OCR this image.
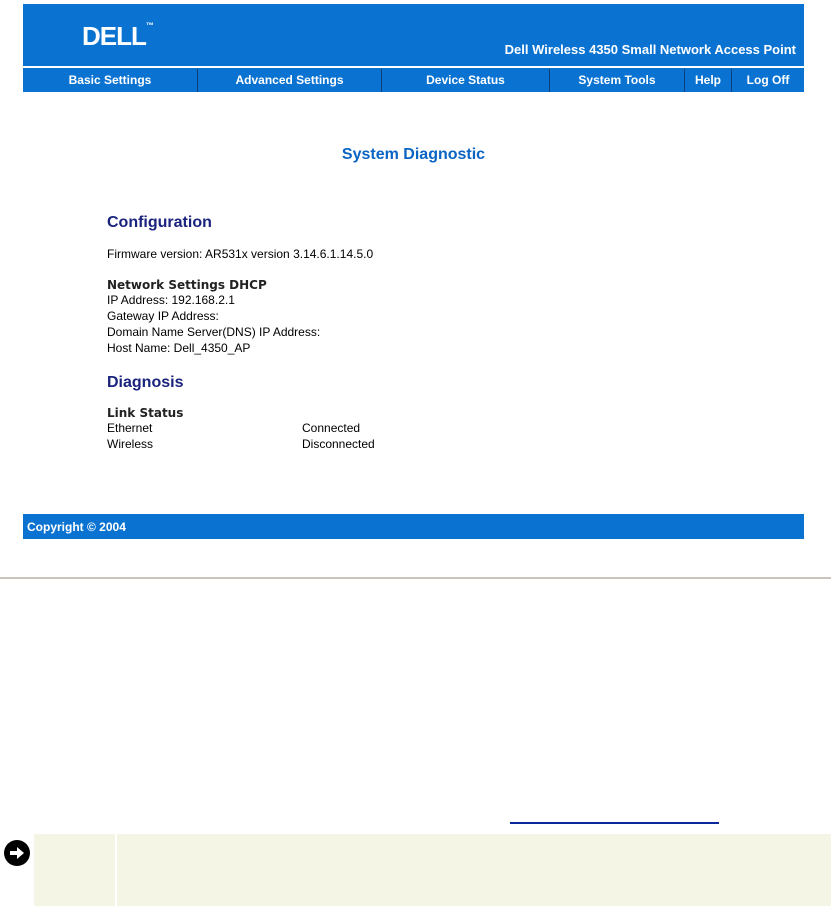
DELL™
Dell Wireless 4350 Small Network Access Point
Basic Settings	Advanced Settings	Device Status	System Tools	Help	Log Off
System Diagnostic
Configuration
Firmware version: AR531x version 3.14.6.1.14.5.0
Network Settings DHCP
IP Address: 192.168.2.1
Gateway IP Address:
Domain Name Server(DNS) IP Address:
Host Name: Dell_4350_AP
Diagnosis
Link Status
Ethernet	Connected
Wireless	Disconnected
Copyright © 2004
